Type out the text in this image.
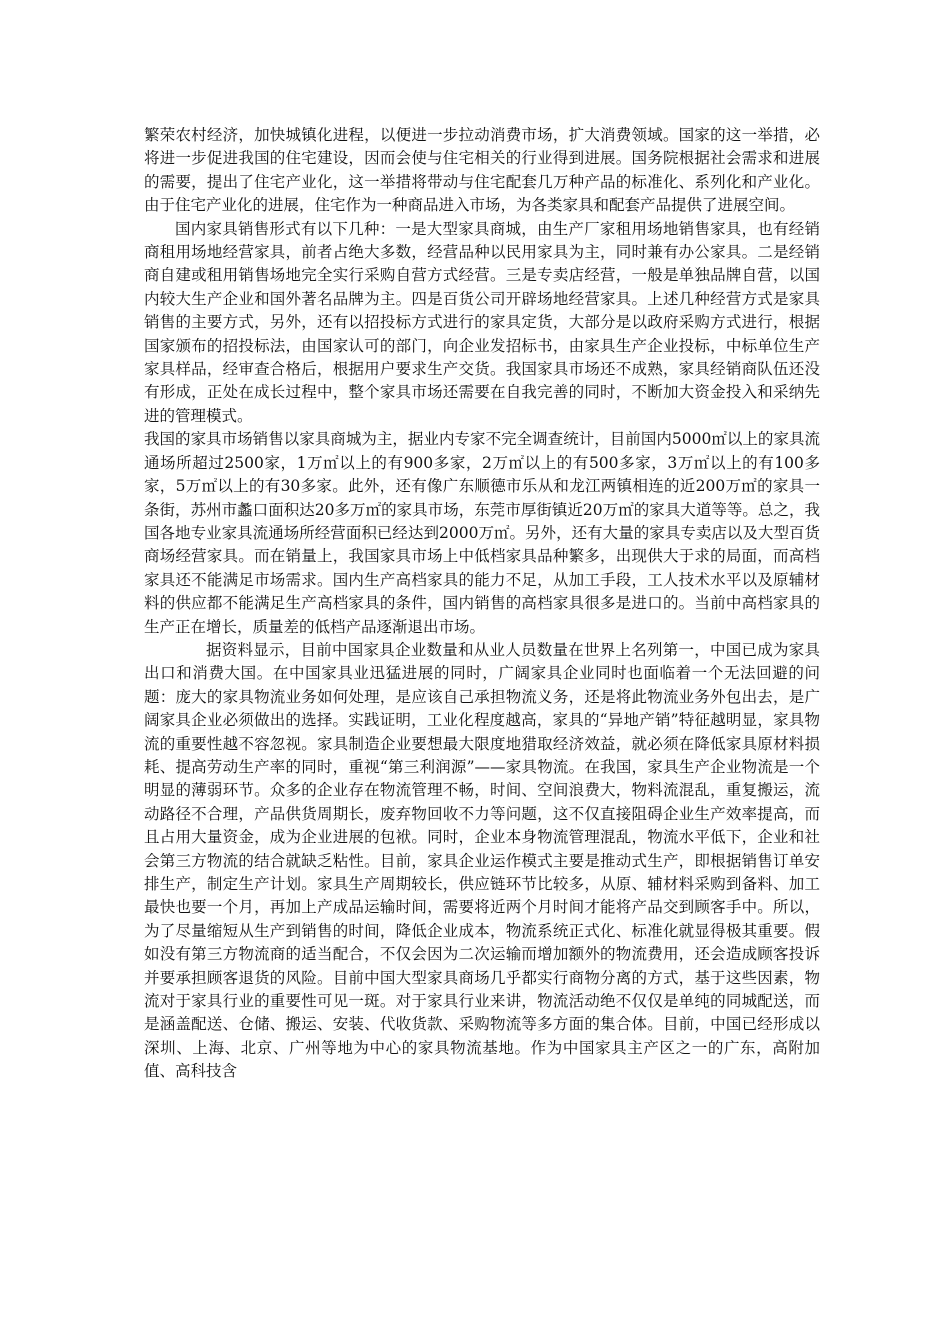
繁荣农村经济，加快城镇化进程，以便进一步拉动消费市场，扩大消费领域。国家的这一举措，必将进一步促进我国的住宅建设，因而会使与住宅相关的行业得到进展。国务院根据社会需求和进展的需要，提出了住宅产业化，这一举措将带动与住宅配套几万种产品的标准化、系列化和产业化。由于住宅产业化的进展，住宅作为一种商品进入市场，为各类家具和配套产品提供了进展空间。

国内家具销售形式有以下几种：一是大型家具商城，由生产厂家租用场地销售家具，也有经销商租用场地经营家具，前者占绝大多数，经营品种以民用家具为主，同时兼有办公家具。二是经销商自建或租用销售场地完全实行采购自营方式经营。三是专卖店经营，一般是单独品牌自营，以国内较大生产企业和国外著名品牌为主。四是百货公司开辟场地经营家具。上述几种经营方式是家具销售的主要方式，另外，还有以招投标方式进行的家具定货，大部分是以政府采购方式进行，根据国家颁布的招投标法，由国家认可的部门，向企业发招标书，由家具生产企业投标，中标单位生产家具样品，经审查合格后，根据用户要求生产交货。我国家具市场还不成熟，家具经销商队伍还没有形成，正处在成长过程中，整个家具市场还需要在自我完善的同时，不断加大资金投入和采纳先进的管理模式。

我国的家具市场销售以家具商城为主，据业内专家不完全调查统计，目前国内5000㎡以上的家具流通场所超过2500家，1万㎡以上的有900多家，2万㎡以上的有500多家，3万㎡以上的有100多家，5万㎡以上的有30多家。此外，还有像广东顺德市乐从和龙江两镇相连的近200万㎡的家具一条街，苏州市蠡口面积达20多万㎡的家具市场，东莞市厚街镇近20万㎡的家具大道等等。总之，我国各地专业家具流通场所经营面积已经达到2000万㎡。另外，还有大量的家具专卖店以及大型百货商场经营家具。而在销量上，我国家具市场上中低档家具品种繁多，出现供大于求的局面，而高档家具还不能满足市场需求。国内生产高档家具的能力不足，从加工手段，工人技术水平以及原辅材料的供应都不能满足生产高档家具的条件，国内销售的高档家具很多是进口的。当前中高档家具的生产正在增长，质量差的低档产品逐渐退出市场。

据资料显示，目前中国家具企业数量和从业人员数量在世界上名列第一，中国已成为家具出口和消费大国。在中国家具业迅猛进展的同时，广阔家具企业同时也面临着一个无法回避的问题：庞大的家具物流业务如何处理，是应该自己承担物流义务，还是将此物流业务外包出去，是广阔家具企业必须做出的选择。实践证明，工业化程度越高，家具的“异地产销”特征越明显，家具物流的重要性越不容忽视。家具制造企业要想最大限度地猎取经济效益，就必须在降低家具原材料损耗、提高劳动生产率的同时，重视“第三利润源”——家具物流。在我国，家具生产企业物流是一个明显的薄弱环节。众多的企业存在物流管理不畅，时间、空间浪费大，物料流混乱，重复搬运，流动路径不合理，产品供货周期长，废弃物回收不力等问题，这不仅直接阻碍企业生产效率提高，而且占用大量资金，成为企业进展的包袱。同时，企业本身物流管理混乱，物流水平低下，企业和社会第三方物流的结合就缺乏粘性。目前，家具企业运作模式主要是推动式生产，即根据销售订单安排生产，制定生产计划。家具生产周期较长，供应链环节比较多，从原、辅材料采购到备料、加工最快也要一个月，再加上产成品运输时间，需要将近两个月时间才能将产品交到顾客手中。所以，为了尽量缩短从生产到销售的时间，降低企业成本，物流系统正式化、标准化就显得极其重要。假如没有第三方物流商的适当配合，不仅会因为二次运输而增加额外的物流费用，还会造成顾客投诉并要承担顾客退货的风险。目前中国大型家具商场几乎都实行商物分离的方式，基于这些因素，物流对于家具行业的重要性可见一斑。对于家具行业来讲，物流活动绝不仅仅是单纯的同城配送，而是涵盖配送、仓储、搬运、安装、代收货款、采购物流等多方面的集合体。目前，中国已经形成以深圳、上海、北京、广州等地为中心的家具物流基地。作为中国家具主产区之一的广东，高附加值、高科技含
